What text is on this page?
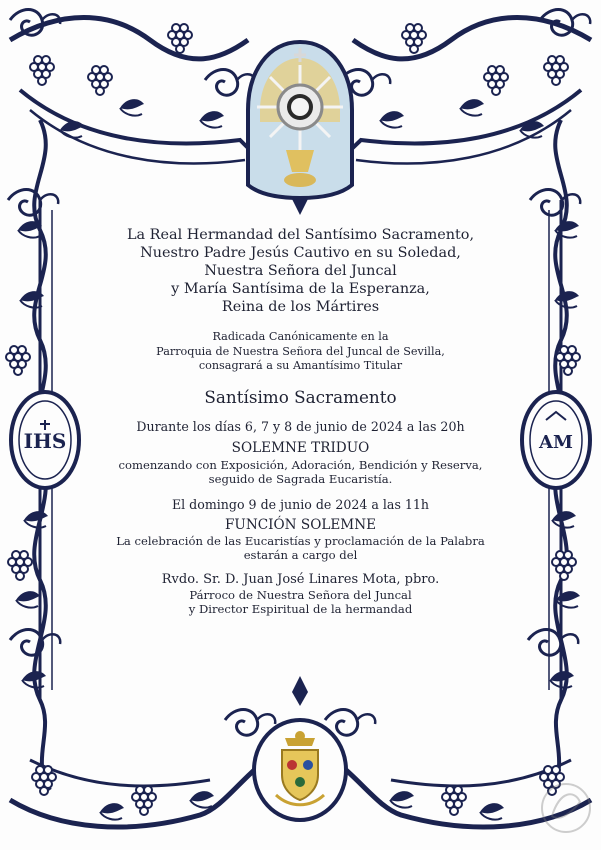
IHS	AM
La Real Hermandad del Santísimo Sacramento,
Nuestro Padre Jesús Cautivo en su Soledad,
Nuestra Señora del Juncal
y María Santísima de la Esperanza,
Reina de los Mártires
Radicada Canónicamente en la
Parroquia de Nuestra Señora del Juncal de Sevilla,
consagrará a su Amantísimo Titular
Santísimo Sacramento
Durante los días 6, 7 y 8 de junio de 2024 a las 20h
SOLEMNE TRIDUO
comenzando con Exposición, Adoración, Bendición y Reserva,
seguido de Sagrada Eucaristía.
El domingo 9 de junio de 2024 a las 11h
FUNCIÓN SOLEMNE
La celebración de las Eucaristías y proclamación de la Palabra
estarán a cargo del
Rvdo. Sr. D. Juan José Linares Mota, pbro.
Párroco de Nuestra Señora del Juncal
y Director Espiritual de la hermandad
